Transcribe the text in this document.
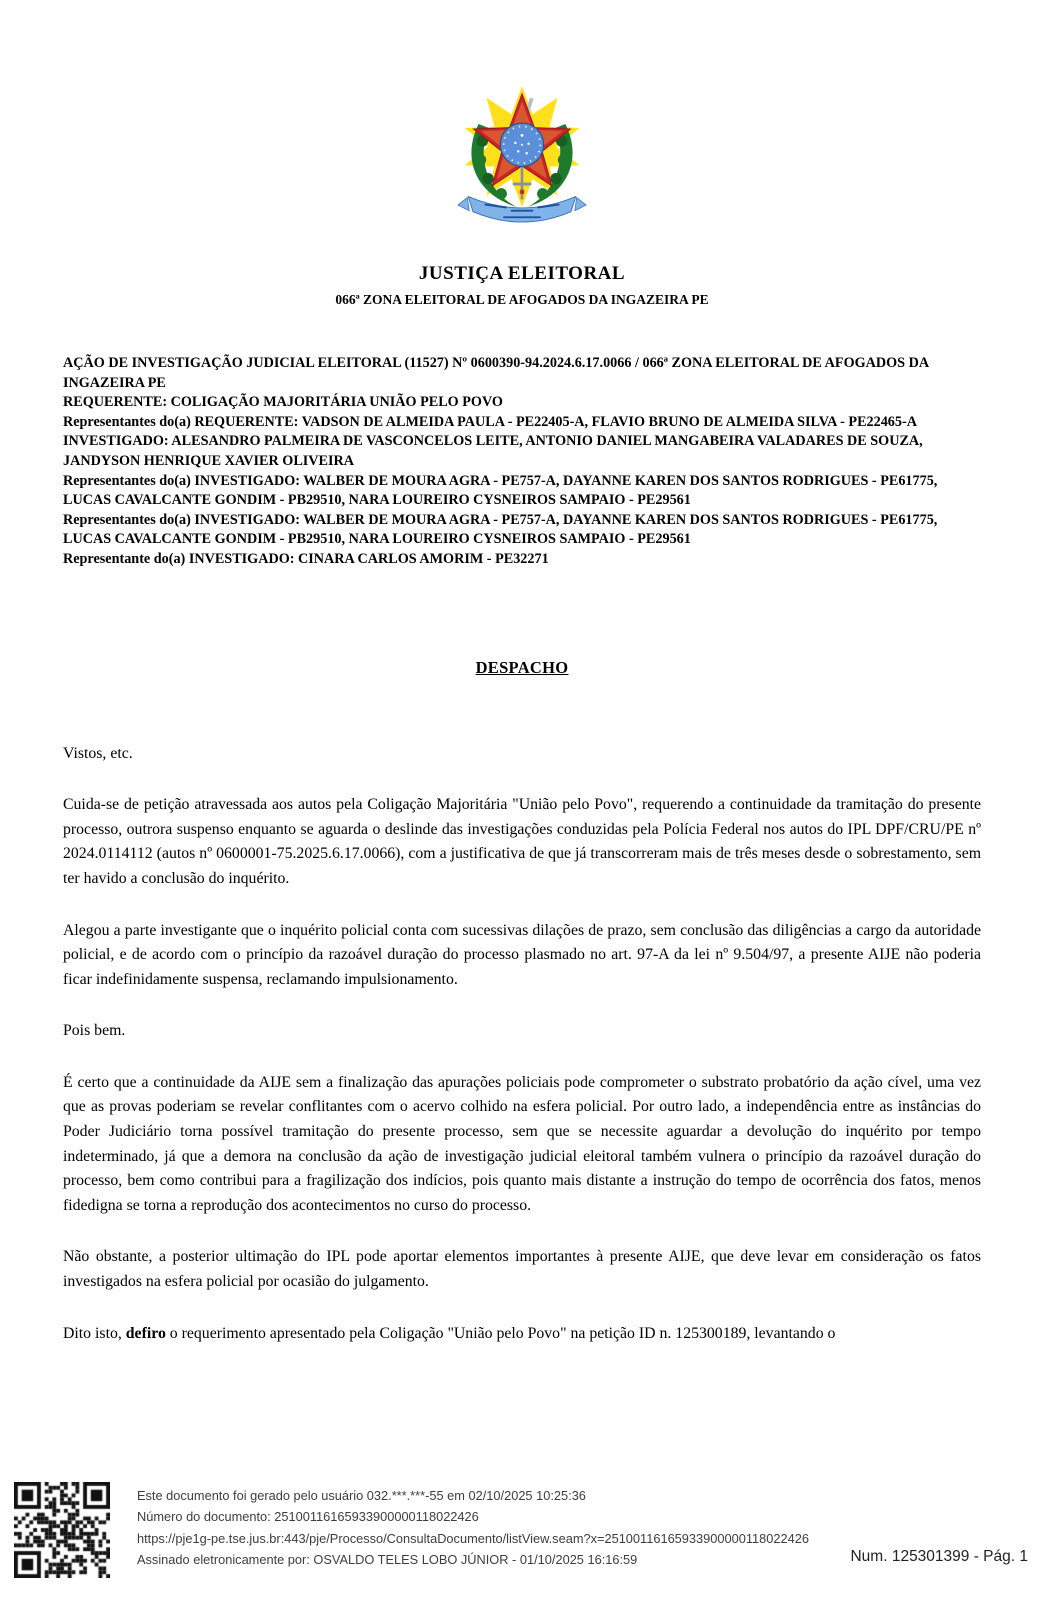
JUSTIÇA ELEITORAL
066ª ZONA ELEITORAL DE AFOGADOS DA INGAZEIRA PE

AÇÃO DE INVESTIGAÇÃO JUDICIAL ELEITORAL (11527) Nº 0600390-94.2024.6.17.0066 / 066ª ZONA ELEITORAL DE AFOGADOS DA INGAZEIRA PE

REQUERENTE: COLIGAÇÃO MAJORITÁRIA UNIÃO PELO POVO

Representantes do(a) REQUERENTE: VADSON DE ALMEIDA PAULA - PE22405-A, FLAVIO BRUNO DE ALMEIDA SILVA - PE22465-A

INVESTIGADO: ALESANDRO PALMEIRA DE VASCONCELOS LEITE, ANTONIO DANIEL MANGABEIRA VALADARES DE SOUZA, JANDYSON HENRIQUE XAVIER OLIVEIRA

Representantes do(a) INVESTIGADO: WALBER DE MOURA AGRA - PE757-A, DAYANNE KAREN DOS SANTOS RODRIGUES - PE61775, LUCAS CAVALCANTE GONDIM - PB29510, NARA LOUREIRO CYSNEIROS SAMPAIO - PE29561

Representantes do(a) INVESTIGADO: WALBER DE MOURA AGRA - PE757-A, DAYANNE KAREN DOS SANTOS RODRIGUES - PE61775, LUCAS CAVALCANTE GONDIM - PB29510, NARA LOUREIRO CYSNEIROS SAMPAIO - PE29561

Representante do(a) INVESTIGADO: CINARA CARLOS AMORIM - PE32271

DESPACHO

Vistos, etc.

Cuida-se de petição atravessada aos autos pela Coligação Majoritária "União pelo Povo", requerendo a continuidade da tramitação do presente processo, outrora suspenso enquanto se aguarda o deslinde das investigações conduzidas pela Polícia Federal nos autos do IPL DPF/CRU/PE nº 2024.0114112 (autos nº 0600001-75.2025.6.17.0066), com a justificativa de que já transcorreram mais de três meses desde o sobrestamento, sem ter havido a conclusão do inquérito.

Alegou a parte investigante que o inquérito policial conta com sucessivas dilações de prazo, sem conclusão das diligências a cargo da autoridade policial, e de acordo com o princípio da razoável duração do processo plasmado no art. 97-A da lei nº 9.504/97, a presente AIJE não poderia ficar indefinidamente suspensa, reclamando impulsionamento.

Pois bem.

É certo que a continuidade da AIJE sem a finalização das apurações policiais pode comprometer o substrato probatório da ação cível, uma vez que as provas poderiam se revelar conflitantes com o acervo colhido na esfera policial. Por outro lado, a independência entre as instâncias do Poder Judiciário torna possível tramitação do presente processo, sem que se necessite aguardar a devolução do inquérito por tempo indeterminado, já que a demora na conclusão da ação de investigação judicial eleitoral também vulnera o princípio da razoável duração do processo, bem como contribui para a fragilização dos indícios, pois quanto mais distante a instrução do tempo de ocorrência dos fatos, menos fidedigna se torna a reprodução dos acontecimentos no curso do processo.

Não obstante, a posterior ultimação do IPL pode aportar elementos importantes à presente AIJE, que deve levar em consideração os fatos investigados na esfera policial por ocasião do julgamento.

Dito isto, defiro o requerimento apresentado pela Coligação "União pelo Povo" na petição ID n. 125300189, levantando o

Este documento foi gerado pelo usuário 032.***.***-55 em 02/10/2025 10:25:36
Número do documento: 25100116165933900000118022426
https://pje1g-pe.tse.jus.br:443/pje/Processo/ConsultaDocumento/listView.seam?x=25100116165933900000118022426
Assinado eletronicamente por: OSVALDO TELES LOBO JÚNIOR - 01/10/2025 16:16:59	Num. 125301399 - Pág. 1
